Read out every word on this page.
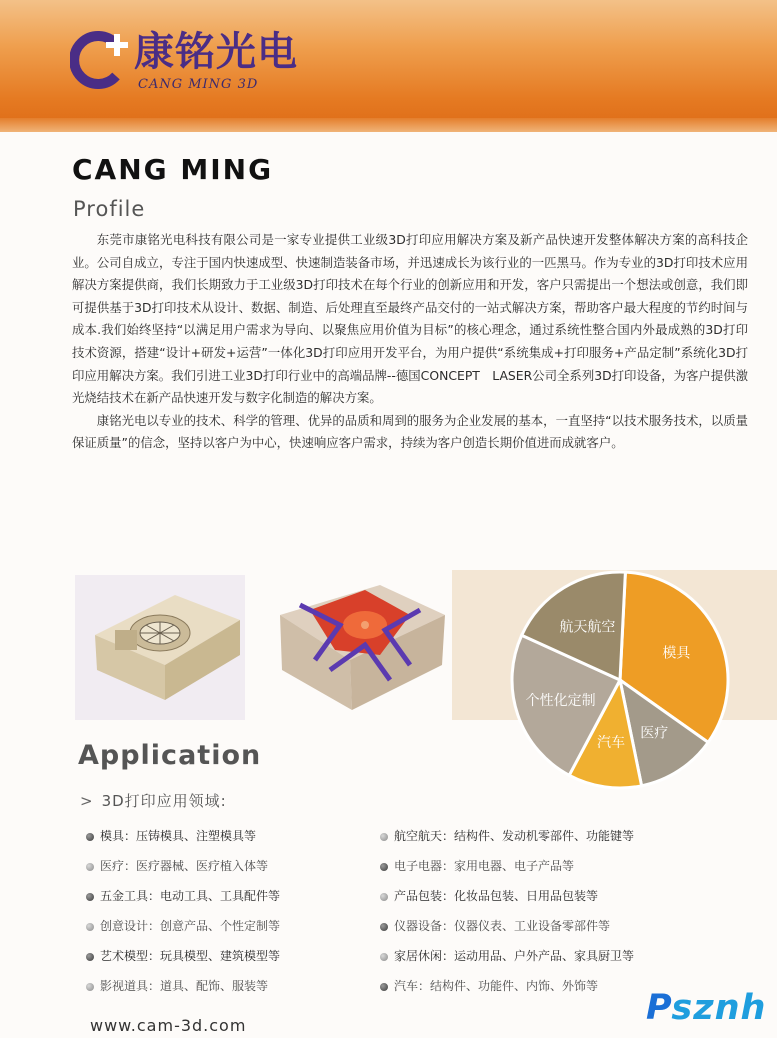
康铭光电
CANG MING 3D
CANG MING
Profile

东莞市康铭光电科技有限公司是一家专业提供工业级3D打印应用解决方案及新产品快速开发整体解决方案的高科技企业。公司自成立，专注于国内快速成型、快速制造装备市场，并迅速成长为该行业的一匹黑马。作为专业的3D打印技术应用解决方案提供商，我们长期致力于工业级3D打印技术在每个行业的创新应用和开发，客户只需提出一个想法或创意，我们即可提供基于3D打印技术从设计、数据、制造、后处理直至最终产品交付的一站式解决方案，帮助客户最大程度的节约时间与成本.我们始终坚持“以满足用户需求为导向、以聚焦应用价值为目标”的核心理念，通过系统性整合国内外最成熟的3D打印技术资源，搭建“设计+研发+运营”一体化3D打印应用开发平台，为用户提供“系统集成+打印服务+产品定制”系统化3D打印应用解决方案。我们引进工业3D打印行业中的高端品牌--德国CONCEPT　LASER公司全系列3D打印设备，为客户提供激光烧结技术在新产品快速开发与数字化制造的解决方案。

康铭光电以专业的技术、科学的管理、优异的品质和周到的服务为企业发展的基本，一直坚持“以技术服务技术，以质量保证质量”的信念，坚持以客户为中心，快速响应客户需求，持续为客户创造长期价值进而成就客户。

模具
医疗
汽车
个性化定制
航天航空
Application
> 3D打印应用领域:
模具：压铸模具、注塑模具等
医疗：医疗器械、医疗植入体等
五金工具：电动工具、工具配件等
创意设计：创意产品、个性定制等
艺术模型：玩具模型、建筑模型等
影视道具：道具、配饰、服装等
航空航天：结构件、发动机零部件、功能键等
电子电器：家用电器、电子产品等
产品包装：化妆品包装、日用品包装等
仪器设备：仪器仪表、工业设备零部件等
家居休闲：运动用品、户外产品、家具厨卫等
汽车：结构件、功能件、内饰、外饰等
www.cam-3d.com	Psznh
